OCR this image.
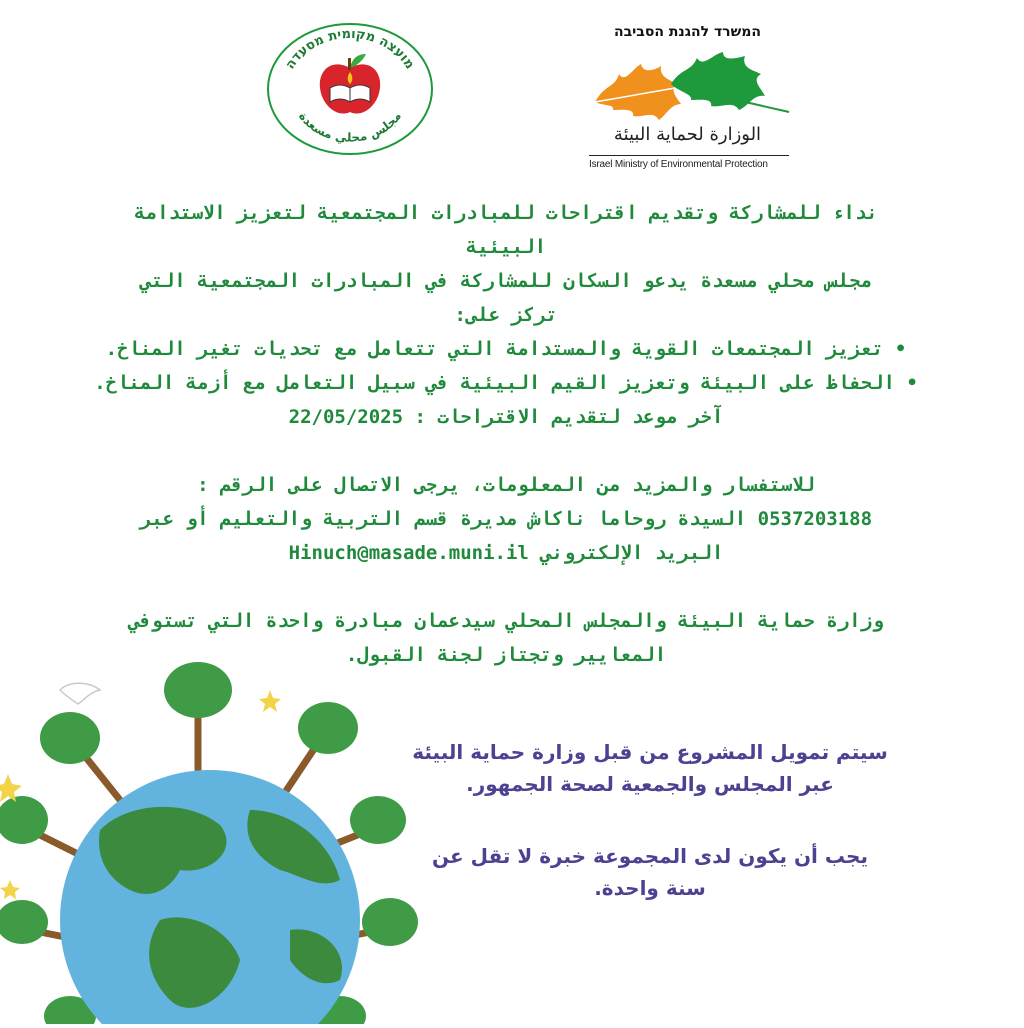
מועצה מקומית מסעדה
مجلس محلي مسعدة
המשרד להגנת הסביבה
الوزارة لحماية البيئة
Israel Ministry of Environmental Protection

نداء للمشاركة وتقديم اقتراحات للمبادرات المجتمعية لتعزيز الاستدامة

البيئية

مجلس محلي مسعدة يدعو السكان للمشاركة في المبادرات المجتمعية التي

تركز على:

• تعزيز المجتمعات القوية والمستدامة التي تتعامل مع تحديات تغير المناخ.

• الحفاظ على البيئة وتعزيز القيم البيئية في سبيل التعامل مع أزمة المناخ.

آخر موعد لتقديم الاقتراحات : 22/05/2025

للاستفسار والمزيد من المعلومات، يرجى الاتصال على الرقم :

0537203188 السيدة روحاما ناكاش مديرة قسم التربية والتعليم أو عبر

البريد الإلكتروني Hinuch@masade.muni.il

وزارة حماية البيئة والمجلس المحلي سيدعمان مبادرة واحدة التي تستوفي

المعايير وتجتاز لجنة القبول.

سيتم تمويل المشروع من قبل وزارة حماية البيئة

عبر المجلس والجمعية لصحة الجمهور.

يجب أن يكون لدى المجموعة خبرة لا تقل عن

سنة واحدة.
